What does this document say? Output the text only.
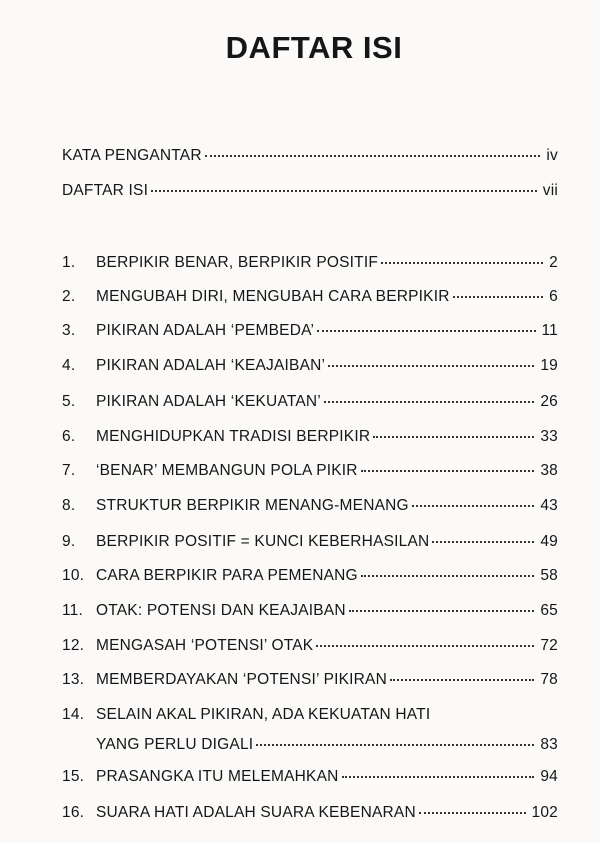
DAFTAR ISI
KATA PENGANTAR	iv
DAFTAR ISI	vii
1.	BERPIKIR BENAR, BERPIKIR POSITIF	2
2.	MENGUBAH DIRI, MENGUBAH CARA BERPIKIR	6
3.	PIKIRAN ADALAH ‘PEMBEDA’	11
4.	PIKIRAN ADALAH ‘KEAJAIBAN’	19
5.	PIKIRAN ADALAH ‘KEKUATAN’	26
6.	MENGHIDUPKAN TRADISI BERPIKIR	33
7.	‘BENAR’ MEMBANGUN POLA PIKIR	38
8.	STRUKTUR BERPIKIR MENANG-MENANG	43
9.	BERPIKIR POSITIF = KUNCI KEBERHASILAN	49
10. CARA BERPIKIR PARA PEMENANG	58
11. OTAK: POTENSI DAN KEAJAIBAN	65
12. MENGASAH ‘POTENSI’ OTAK	72
13. MEMBERDAYAKAN ‘POTENSI’ PIKIRAN	78
14. SELAIN AKAL PIKIRAN, ADA KEKUATAN HATI
YANG PERLU DIGALI	83
15. PRASANGKA ITU MELEMAHKAN	94
16. SUARA HATI ADALAH SUARA KEBENARAN	102
